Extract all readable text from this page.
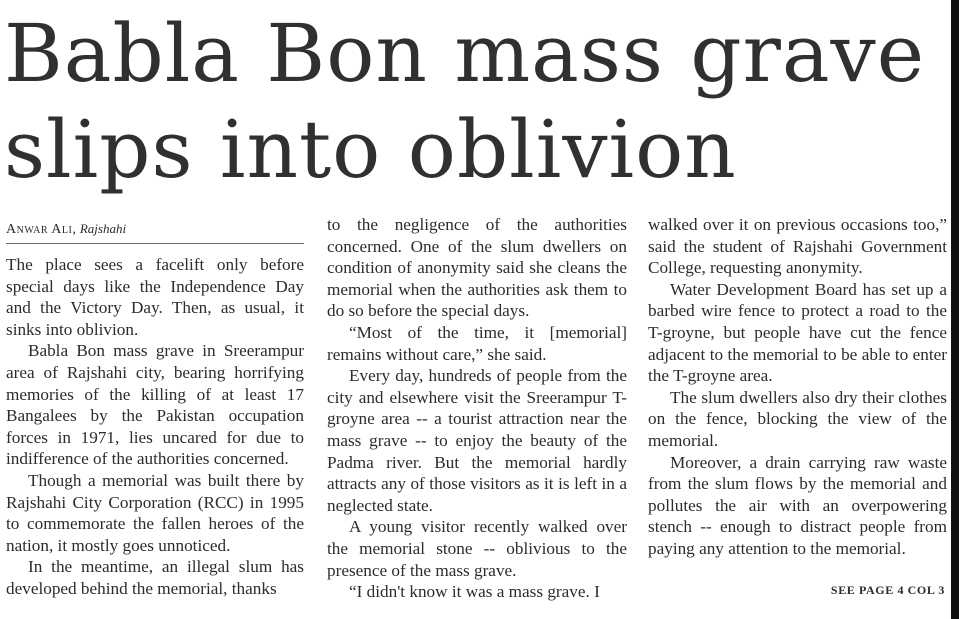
Babla Bon mass grave
slips into oblivion
Anwar Ali, Rajshahi

The place sees a facelift only before special days like the Independence Day and the Victory Day. Then, as usual, it sinks into oblivion.

Babla Bon mass grave in Sreerampur area of Rajshahi city, bearing horrifying memories of the killing of at least 17 Bangalees by the Pakistan occupation forces in 1971, lies uncared for due to indifference of the authorities concerned.

Though a memorial was built there by Rajshahi City Corporation (RCC) in 1995 to commemorate the fallen heroes of the nation, it mostly goes unnoticed.

In the meantime, an illegal slum has developed behind the memorial, thanks

to the negligence of the authorities concerned. One of the slum dwellers on condition of anonymity said she cleans the memorial when the authorities ask them to do so before the special days.

“Most of the time, it [memorial] remains without care,” she said.

Every day, hundreds of people from the city and elsewhere visit the Sreerampur T-groyne area -- a tourist attraction near the mass grave -- to enjoy the beauty of the Padma river. But the memorial hardly attracts any of those visitors as it is left in a neglected state.

A young visitor recently walked over the memorial stone -- oblivious to the presence of the mass grave.

“I didn't know it was a mass grave. I

walked over it on previous occasions too,” said the student of Rajshahi Government College, requesting anonymity.

Water Development Board has set up a barbed wire fence to protect a road to the T-groyne, but people have cut the fence adjacent to the memorial to be able to enter the T-groyne area.

The slum dwellers also dry their clothes on the fence, blocking the view of the memorial.

Moreover, a drain carrying raw waste from the slum flows by the memorial and pollutes the air with an overpowering stench -- enough to distract people from paying any attention to the memorial.

SEE PAGE 4 COL 3
